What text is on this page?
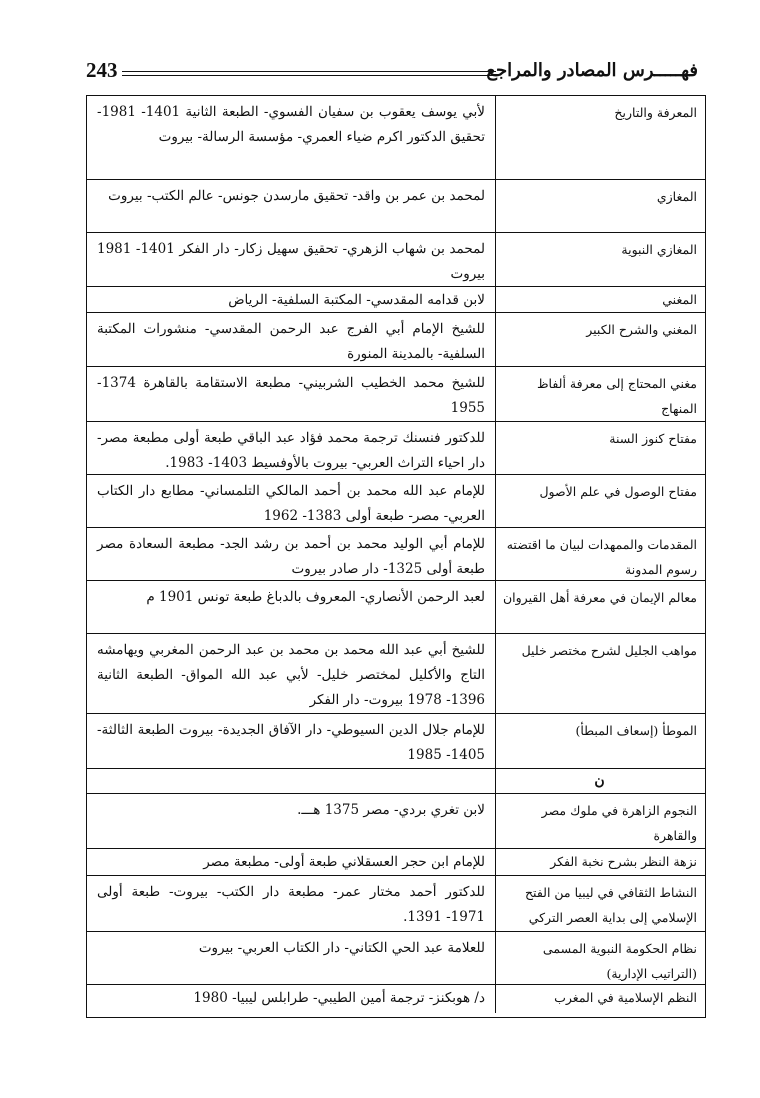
فهـــــرس المصادر والمراجع
243
المعرفة والتاريخ
لأبي يوسف يعقوب بن سفيان الفسوي- الطبعة الثانية 1401- 1981- تحقيق الدكتور اكرم ضياء العمري- مؤسسة الرسالة- بيروت
المغازي
لمحمد بن عمر بن واقد- تحقيق مارسدن جونس- عالم الكتب- بيروت
المغازي النبوية
لمحمد بن شهاب الزهري- تحقيق سهيل زكار- دار الفكر 1401- 1981 بيروت
المغني
لابن قدامه المقدسي- المكتبة السلفية- الرياض
المغني والشرح الكبير
للشيخ الإمام أبي الفرج عبد الرحمن المقدسي- منشورات المكتبة السلفية- بالمدينة المنورة
مغني المحتاج إلى معرفة ألفاظ المنهاج
للشيخ محمد الخطيب الشربيني- مطبعة الاستقامة بالقاهرة 1374- 1955
مفتاح كنوز السنة
للدكتور فنسنك ترجمة محمد فؤاد عبد الباقي طبعة أولى مطبعة مصر- دار احياء التراث العربي- بيروت بالأوفسيط 1403- 1983.
مفتاح الوصول في علم الأصول
للإمام عبد الله محمد بن أحمد المالكي التلمساني- مطابع دار الكتاب العربي- مصر- طبعة أولى 1383- 1962
المقدمات والممهدات لبيان ما اقتضته رسوم المدونة
للإمام أبي الوليد محمد بن أحمد بن رشد الجد- مطبعة السعادة مصر طبعة أولى 1325- دار صادر بيروت
معالم الإيمان في معرفة أهل القيروان
لعبد الرحمن الأنصاري- المعروف بالدباغ طبعة تونس 1901 م
مواهب الجليل لشرح مختصر خليل
للشيخ أبي عبد الله محمد بن محمد بن عبد الرحمن المغربي ويهامشه التاج والأكليل لمختصر خليل- لأبي عبد الله المواق- الطبعة الثانية 1396- 1978 بيروت- دار الفكر
الموطأ (إسعاف المبطأ)
للإمام جلال الدين السيوطي- دار الآفاق الجديدة- بيروت الطبعة الثالثة- 1405- 1985
ن
النجوم الزاهرة في ملوك مصر والقاهرة
لابن تغري بردي- مصر 1375 هـــ.
نزهة النظر بشرح نخبة الفكر
للإمام ابن حجر العسقلاني طبعة أولى- مطبعة مصر
النشاط الثقافي في ليبيا من الفتح الإسلامي إلى بداية العصر التركي
للدكتور أحمد مختار عمر- مطبعة دار الكتب- بيروت- طبعة أولى 1971- 1391.
نظام الحكومة النبوية المسمى (التراتيب الإدارية)
للعلامة عبد الحي الكتاني- دار الكتاب العربي- بيروت
النظم الإسلامية في المغرب
د/ هوبكنز- ترجمة أمين الطيبي- طرابلس ليبيا- 1980
